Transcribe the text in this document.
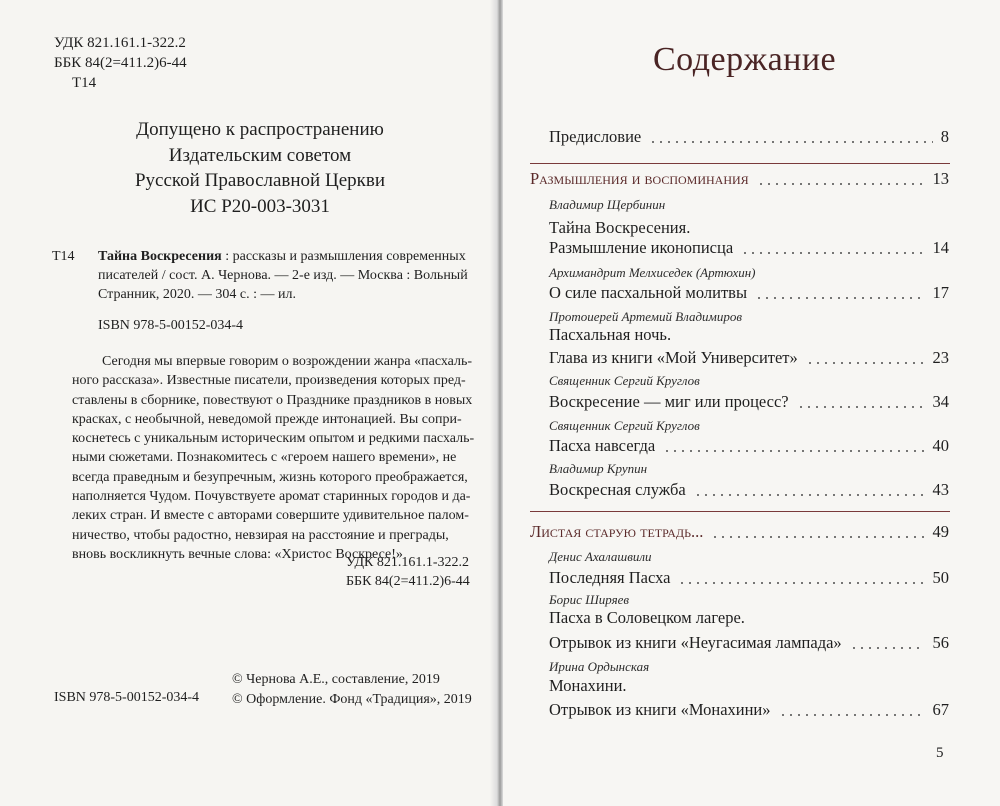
УДК 821.161.1-322.2
ББК 84(2=411.2)6-44
Т14
Допущено к распространению
Издательским советом
Русской Православной Церкви
ИС Р20-003-3031
Т14 Тайна Воскресения : рассказы и размышления современных
писателей / сост. А. Чернова. — 2-е изд. — Москва : Вольный
Странник, 2020. — 304 с. : — ил.
ISBN 978-5-00152-034-4
Сегодня мы впервые говорим о возрождении жанра «пасхаль-
ного рассказа». Известные писатели, произведения которых пред-
ставлены в сборнике, повествуют о Празднике праздников в новых
красках, с необычной, неведомой прежде интонацией. Вы сопри-
коснетесь с уникальным историческим опытом и редкими пасхаль-
ными сюжетами. Познакомитесь с «героем нашего времени», не
всегда праведным и безупречным, жизнь которого преображается,
наполняется Чудом. Почувствуете аромат старинных городов и да-
леких стран. И вместе с авторами совершите удивительное палом-
ничество, чтобы радостно, невзирая на расстояние и преграды,
вновь воскликнуть вечные слова: «Христос Воскресе!»
УДК 821.161.1-322.2
ББК 84(2=411.2)6-44
© Чернова А.Е., составление, 2019
© Оформление. Фонд «Традиция», 2019
ISBN 978-5-00152-034-4
Содержание
Предисловие	8
Размышления и воспоминания	13
Владимир Щербинин
Тайна Воскресения.
Размышление иконописца	14
Архимандрит Мелхиседек (Артюхин)
О силе пасхальной молитвы	17
Протоиерей Артемий Владимиров
Пасхальная ночь.
Глава из книги «Мой Университет»	23
Священник Сергий Круглов
Воскресение — миг или процесс?	34
Священник Сергий Круглов
Пасха навсегда	40
Владимир Крупин
Воскресная служба	43
Листая старую тетрадь...	49
Денис Ахалашвили
Последняя Пасха	50
Борис Ширяев
Пасха в Соловецком лагере.
Отрывок из книги «Неугасимая лампада»	56
Ирина Ордынская
Монахини.
Отрывок из книги «Монахини»	67
5
